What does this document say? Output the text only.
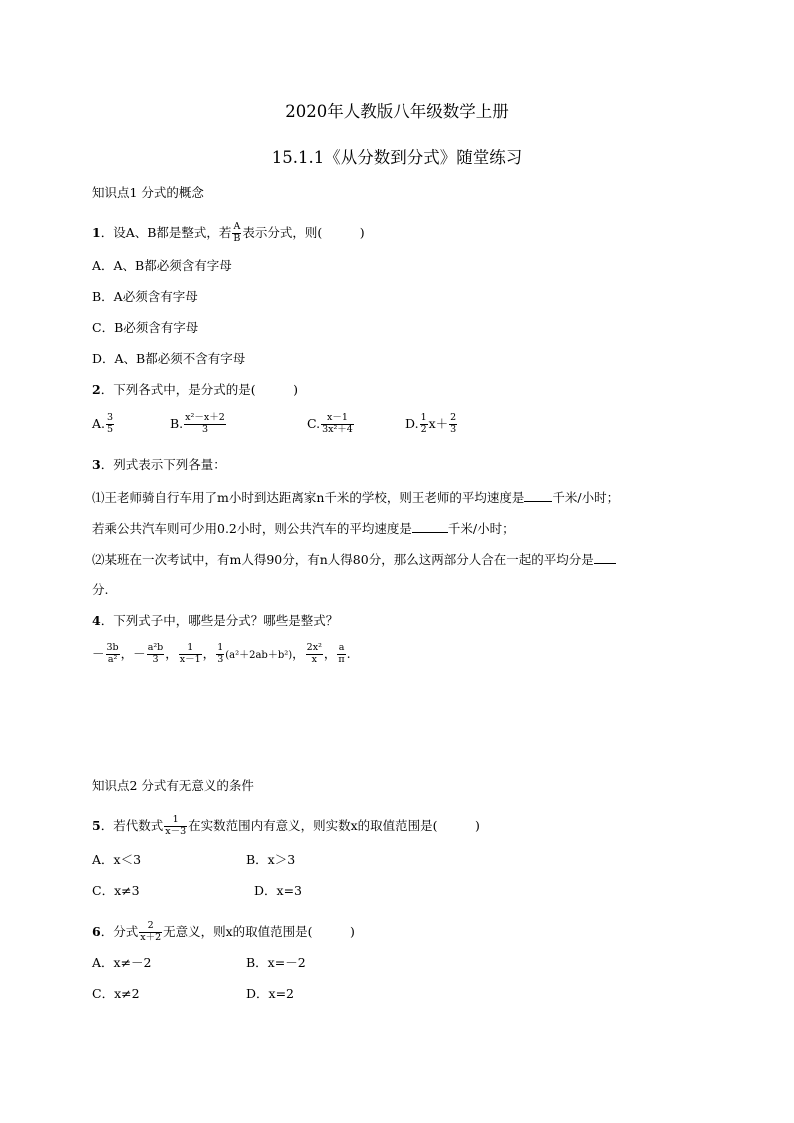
2020年人教版八年级数学上册
15.1.1《从分数到分式》随堂练习
知识点1 分式的概念
1．设A、B都是整式，若 $\frac{A}{B}$ 表示分式，则(　　　)
A．A、B都必须含有字母
B．A必须含有字母
C．B必须含有字母
D．A、B都必须不含有字母
2．下列各式中，是分式的是(　　　)
A. $\frac{3}{5}$	B. $\frac{\text{x²－x＋2}}{3}$	C. $\frac{x-1}{\text{3x²＋4}}$	D. $\frac{1}{2} x+ \frac{2}{3}$
3．列式表示下列各量：
⑴王老师骑自行车用了m小时到达距离家n千米的学校，则王老师的平均速度是 千米/小时；
若乘公共汽车则可少用0.2小时，则公共汽车的平均速度是	千米/小时；
⑵某班在一次考试中，有m人得90分，有n人得80分，那么这两部分人合在一起的平均分是
分.
4．下列式子中，哪些是分式？哪些是整式？
－ $\frac{3b}{\text{a²}}$ ，－ $\frac{\text{a²b}}{3}$ ， $\frac{1}{x-1}$ ， $\frac{1}{3} (a^2+2ab+b^2)$， $\frac{\text{2x²}}{x}$ ， $\frac{a}{\pi}$ .
知识点2 分式有无意义的条件
5．若代数式 $\frac{1}{x-3}$ 在实数范围内有意义，则实数x的取值范围是(　　　)
A．x＜3	B．x＞3
C．x≠3	D．x=3
6．分式 $\frac{2}{x+2}$ 无意义，则x的取值范围是(　　　)
A．x≠－2	B．x=－2
C．x≠2	D．x=2
